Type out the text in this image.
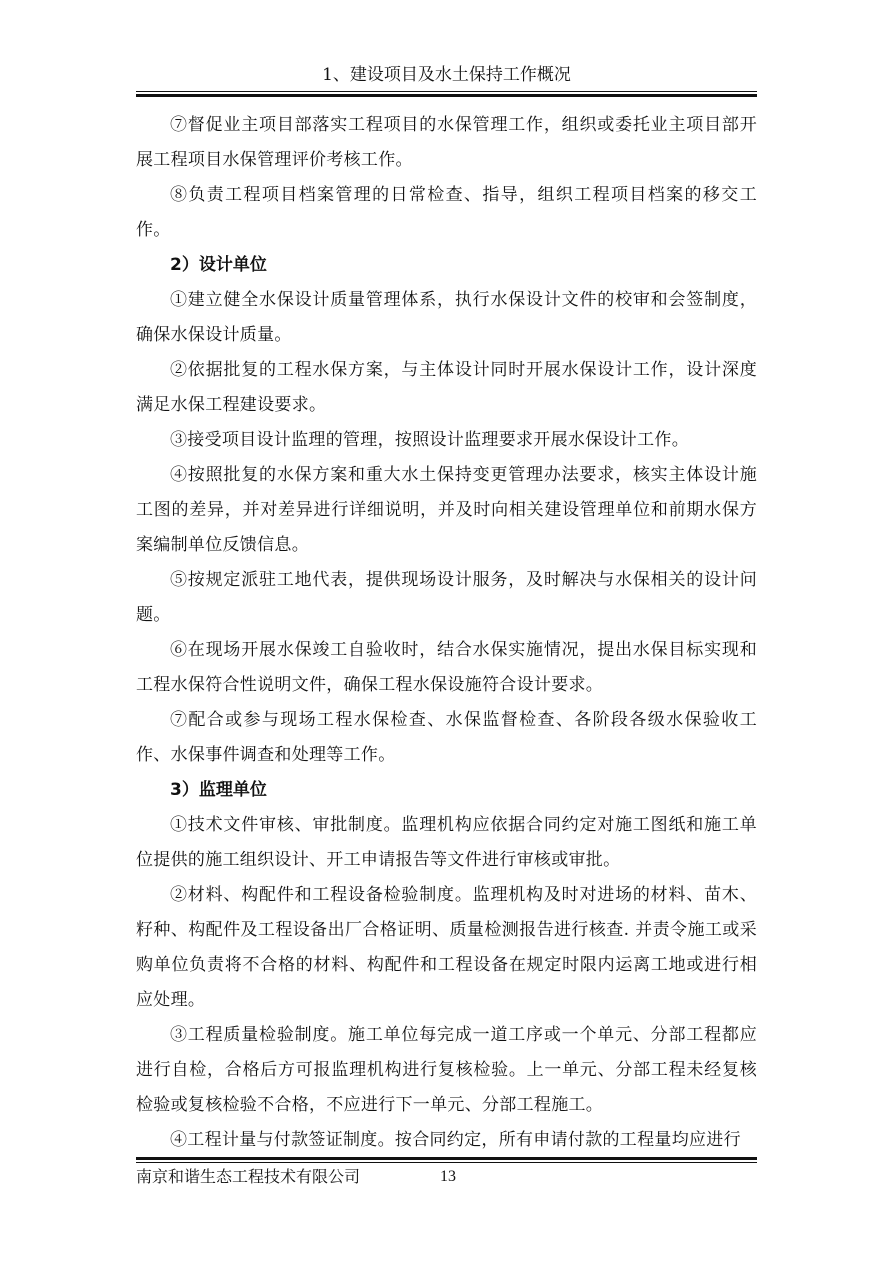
1、建设项目及水土保持工作概况

⑦督促业主项目部落实工程项目的水保管理工作，组织或委托业主项目部开展工程项目水保管理评价考核工作。

⑧负责工程项目档案管理的日常检查、指导，组织工程项目档案的移交工作。

2）设计单位

①建立健全水保设计质量管理体系，执行水保设计文件的校审和会签制度，确保水保设计质量。

②依据批复的工程水保方案，与主体设计同时开展水保设计工作，设计深度满足水保工程建设要求。

③接受项目设计监理的管理，按照设计监理要求开展水保设计工作。

④按照批复的水保方案和重大水土保持变更管理办法要求，核实主体设计施工图的差异，并对差异进行详细说明，并及时向相关建设管理单位和前期水保方案编制单位反馈信息。

⑤按规定派驻工地代表，提供现场设计服务，及时解决与水保相关的设计问题。

⑥在现场开展水保竣工自验收时，结合水保实施情况，提出水保目标实现和工程水保符合性说明文件，确保工程水保设施符合设计要求。

⑦配合或参与现场工程水保检查、水保监督检查、各阶段各级水保验收工作、水保事件调查和处理等工作。

3）监理单位

①技术文件审核、审批制度。监理机构应依据合同约定对施工图纸和施工单位提供的施工组织设计、开工申请报告等文件进行审核或审批。

②材料、构配件和工程设备检验制度。监理机构及时对进场的材料、苗木、籽种、构配件及工程设备出厂合格证明、质量检测报告进行核查. 并责令施工或采购单位负责将不合格的材料、构配件和工程设备在规定时限内运离工地或进行相应处理。

③工程质量检验制度。施工单位每完成一道工序或一个单元、分部工程都应进行自检，合格后方可报监理机构进行复核检验。上一单元、分部工程未经复核检验或复核检验不合格，不应进行下一单元、分部工程施工。

④工程计量与付款签证制度。按合同约定，所有申请付款的工程量均应进行

南京和谐生态工程技术有限公司	13
